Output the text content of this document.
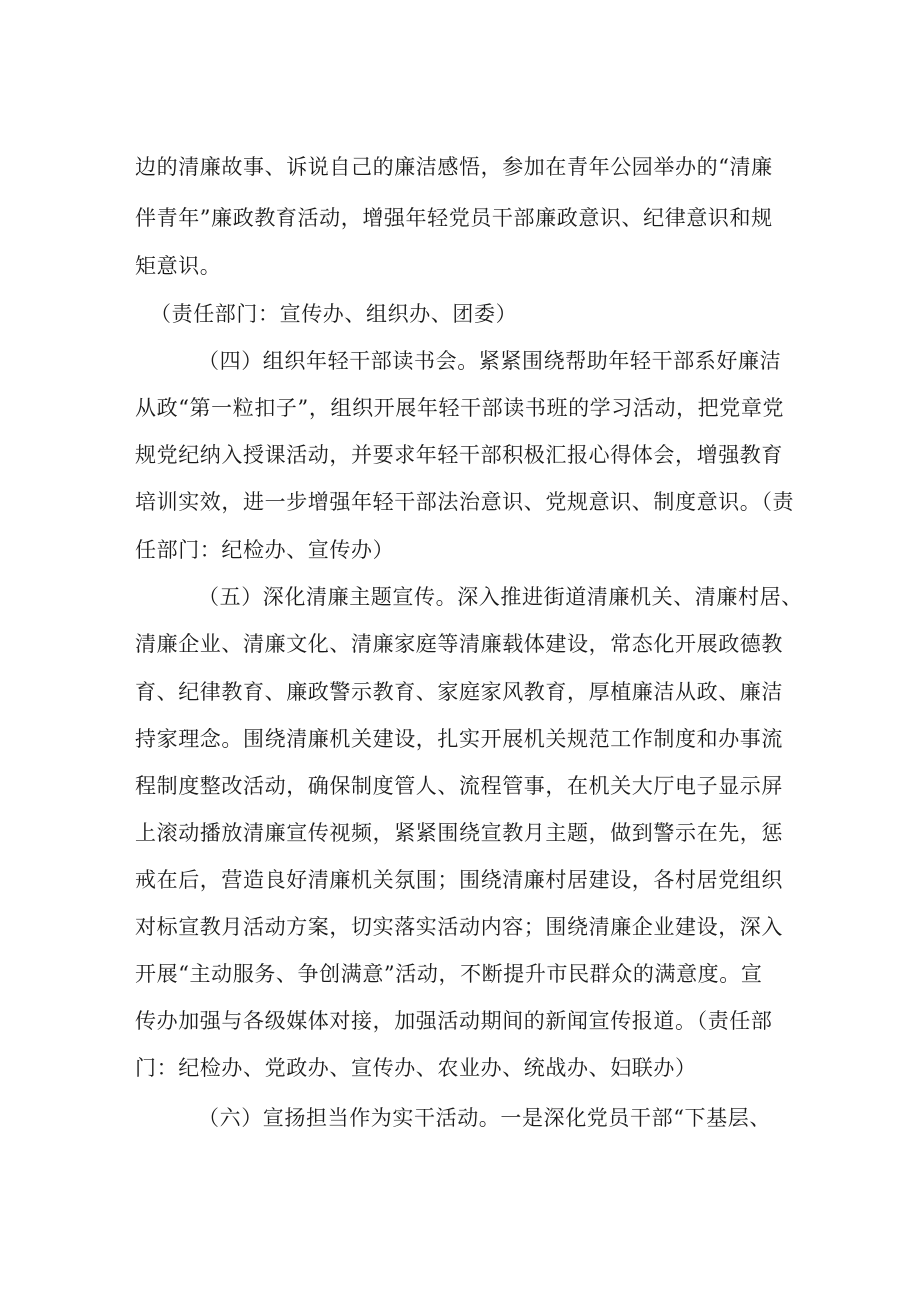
边的清廉故事、诉说自己的廉洁感悟，参加在青年公园举办的“清廉
伴青年”廉政教育活动，增强年轻党员干部廉政意识、纪律意识和规
矩意识。
（责任部门：宣传办、组织办、团委）
（四）组织年轻干部读书会。紧紧围绕帮助年轻干部系好廉洁
从政“第一粒扣子”，组织开展年轻干部读书班的学习活动，把党章党
规党纪纳入授课活动，并要求年轻干部积极汇报心得体会，增强教育
培训实效，进一步增强年轻干部法治意识、党规意识、制度意识。（责
任部门：纪检办、宣传办）
（五）深化清廉主题宣传。深入推进街道清廉机关、清廉村居、
清廉企业、清廉文化、清廉家庭等清廉载体建设，常态化开展政德教
育、纪律教育、廉政警示教育、家庭家风教育，厚植廉洁从政、廉洁
持家理念。围绕清廉机关建设，扎实开展机关规范工作制度和办事流
程制度整改活动，确保制度管人、流程管事，在机关大厅电子显示屏
上滚动播放清廉宣传视频，紧紧围绕宣教月主题，做到警示在先，惩
戒在后，营造良好清廉机关氛围；围绕清廉村居建设，各村居党组织
对标宣教月活动方案，切实落实活动内容；围绕清廉企业建设，深入
开展“主动服务、争创满意”活动，不断提升市民群众的满意度。宣
传办加强与各级媒体对接，加强活动期间的新闻宣传报道。（责任部
门：纪检办、党政办、宣传办、农业办、统战办、妇联办）
（六）宣扬担当作为实干活动。一是深化党员干部“下基层、
